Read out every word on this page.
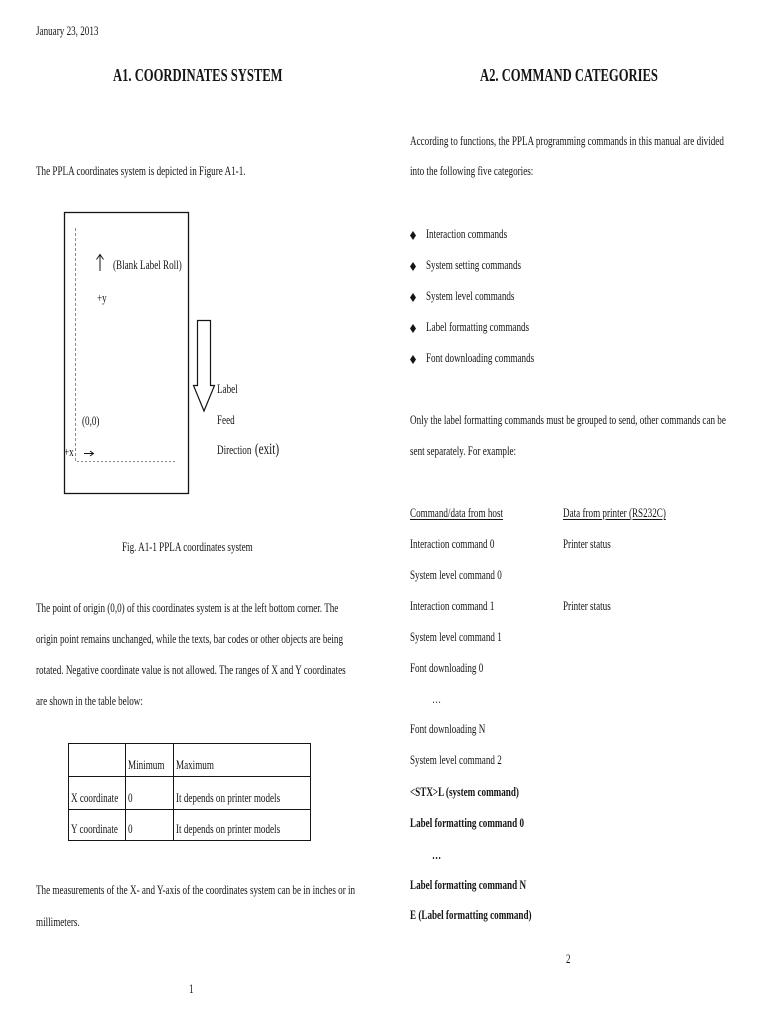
January 23, 2013
A1. COORDINATES SYSTEM
The PPLA coordinates system is depicted in Figure A1-1.
(Blank Label Roll)
+y
(0,0)
+x
Label
Feed
Direction (exit)
Fig. A1-1 PPLA coordinates system
The point of origin (0,0) of this coordinates system is at the left bottom corner. The
origin point remains unchanged, while the texts, bar codes or other objects are being
rotated. Negative coordinate value is not allowed. The ranges of X and Y coordinates
are shown in the table below:
	Minimum	Maximum
X coordinate	0	It depends on printer models
Y coordinate	0	It depends on printer models
The measurements of the X- and Y-axis of the coordinates system can be in inches or in
millimeters.
1
A2. COMMAND CATEGORIES
According to functions, the PPLA programming commands in this manual are divided
into the following five categories:
Interaction commands
System setting commands
System level commands
Label formatting commands
Font downloading commands
Only the label formatting commands must be grouped to send, other commands can be
sent separately. For example:
Command/data from host	Data from printer (RS232C)
Interaction command 0	Printer status
System level command 0
Interaction command 1	Printer status
System level command 1
Font downloading 0
…
Font downloading N
System level command 2
<STX>L (system command)
Label formatting command 0
…
Label formatting command N
E (Label formatting command)
2
